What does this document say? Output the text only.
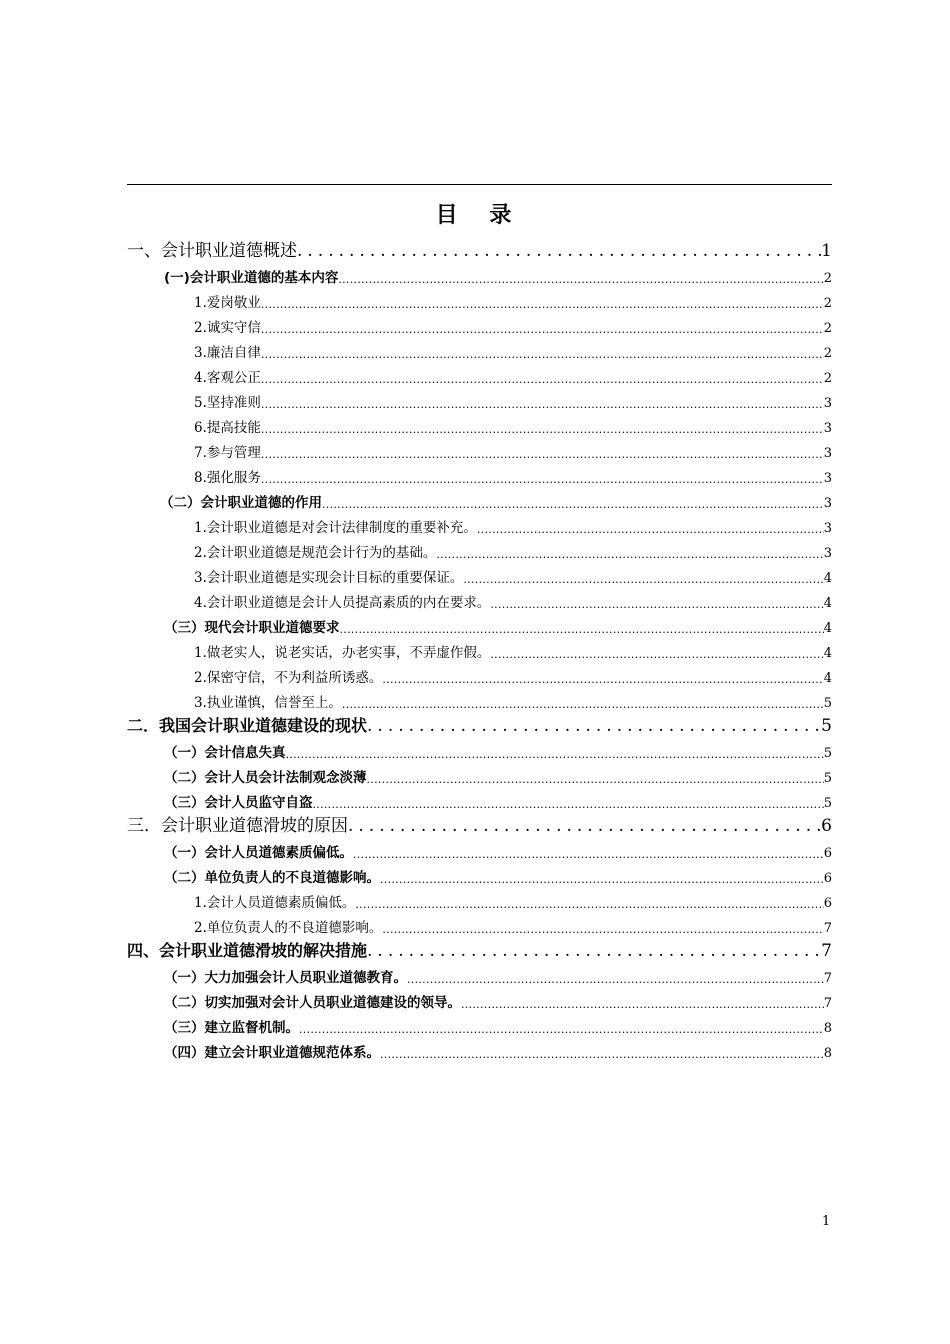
目 录
一、会计职业道德概述 .....	1
(一)会计职业道德的基本内容 .....	2
1.爱岗敬业 .....	2
2.诚实守信 .....	2
3.廉洁自律 .....	2
4.客观公正 .....	2
5.坚持准则 .....	3
6.提高技能 .....	3
7.参与管理 .....	3
8.强化服务 .....	3
（二）会计职业道德的作用 .....	3
1.会计职业道德是对会计法律制度的重要补充。 .....	3
2.会计职业道德是规范会计行为的基础。 .....	3
3.会计职业道德是实现会计目标的重要保证。 .....	4
4.会计职业道德是会计人员提高素质的内在要求。 .....	4
（三）现代会计职业道德要求 .....	4
1.做老实人，说老实话，办老实事，不弄虚作假。 .....	4
2.保密守信，不为利益所诱惑。 .....	4
3.执业谨慎，信誉至上。 .....	5
二．我国会计职业道德建设的现状 .....	5
（一）会计信息失真 .....	5
（二）会计人员会计法制观念淡薄 .....	5
（三）会计人员监守自盗 .....	5
三．会计职业道德滑坡的原因 .....	6
（一）会计人员道德素质偏低。 .....	6
（二）单位负责人的不良道德影响。 .....	6
1.会计人员道德素质偏低。 .....	6
2.单位负责人的不良道德影响。 .....	7
四、会计职业道德滑坡的解决措施 .....	7
（一）大力加强会计人员职业道德教育。 .....	7
（二）切实加强对会计人员职业道德建设的领导。 .....	7
（三）建立监督机制。 .....	8
（四）建立会计职业道德规范体系。 .....	8
1
